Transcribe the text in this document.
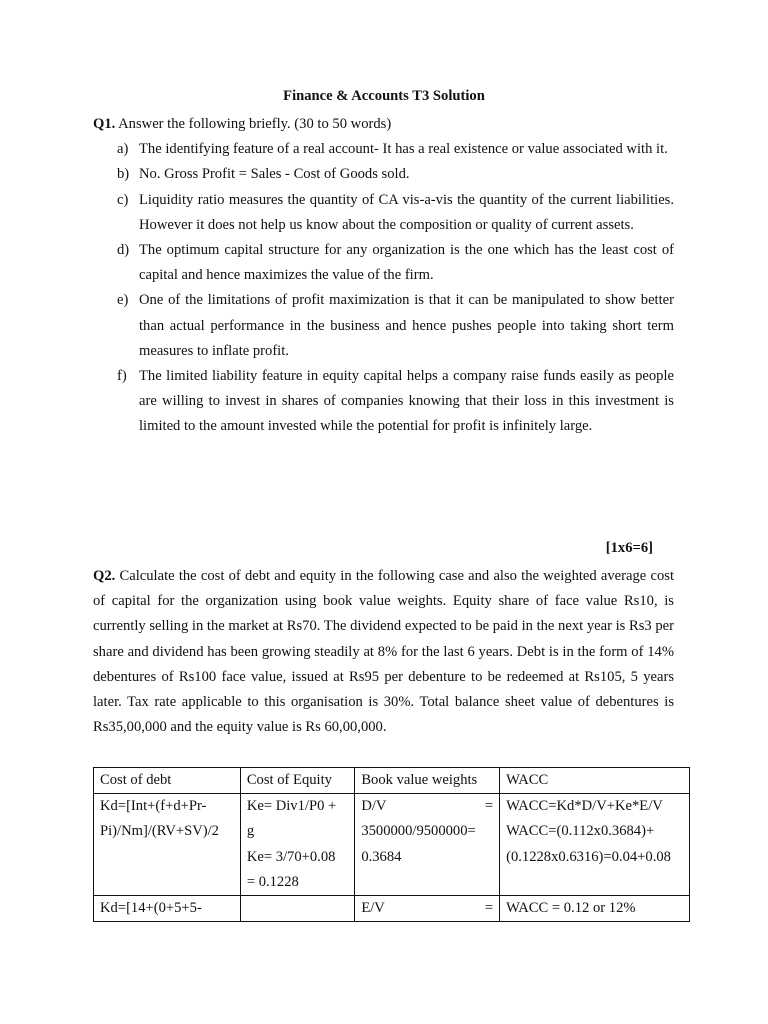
Finance & Accounts T3 Solution
Q1. Answer the following briefly. (30 to 50 words)
a) The identifying feature of a real account- It has a real existence or value associated with it.
b) No. Gross Profit = Sales - Cost of Goods sold.
c) Liquidity ratio measures the quantity of CA vis-a-vis the quantity of the current liabilities. However it does not help us know about the composition or quality of current assets.
d) The optimum capital structure for any organization is the one which has the least cost of capital and hence maximizes the value of the firm.
e) One of the limitations of profit maximization is that it can be manipulated to show better than actual performance in the business and hence pushes people into taking short term measures to inflate profit.
f) The limited liability feature in equity capital helps a company raise funds easily as people are willing to invest in shares of companies knowing that their loss in this investment is limited to the amount invested while the potential for profit is infinitely large.
[1x6=6]
Q2. Calculate the cost of debt and equity in the following case and also the weighted average cost of capital for the organization using book value weights. Equity share of face value Rs10, is currently selling in the market at Rs70. The dividend expected to be paid in the next year is Rs3 per share and dividend has been growing steadily at 8% for the last 6 years. Debt is in the form of 14% debentures of Rs100 face value, issued at Rs95 per debenture to be redeemed at Rs105, 5 years later. Tax rate applicable to this organisation is 30%. Total balance sheet value of debentures is Rs35,00,000 and the equity value is Rs 60,00,000.
Cost of debt	Cost of Equity	Book value weights	WACC

Kd=[Int+(f+d+Pr-
Pi)/Nm]/(RV+SV)/2	Ke= Div1/P0 +
g
Ke= 3/70+0.08
= 0.1228	D/V =
3500000/9500000=
0.3684	WACC=Kd*D/V+Ke*E/V
WACC=(0.112x0.3684)+
(0.1228x0.6316)=0.04+0.08

Kd=[14+(0+5+5-		E/V =	WACC = 0.12 or 12%
